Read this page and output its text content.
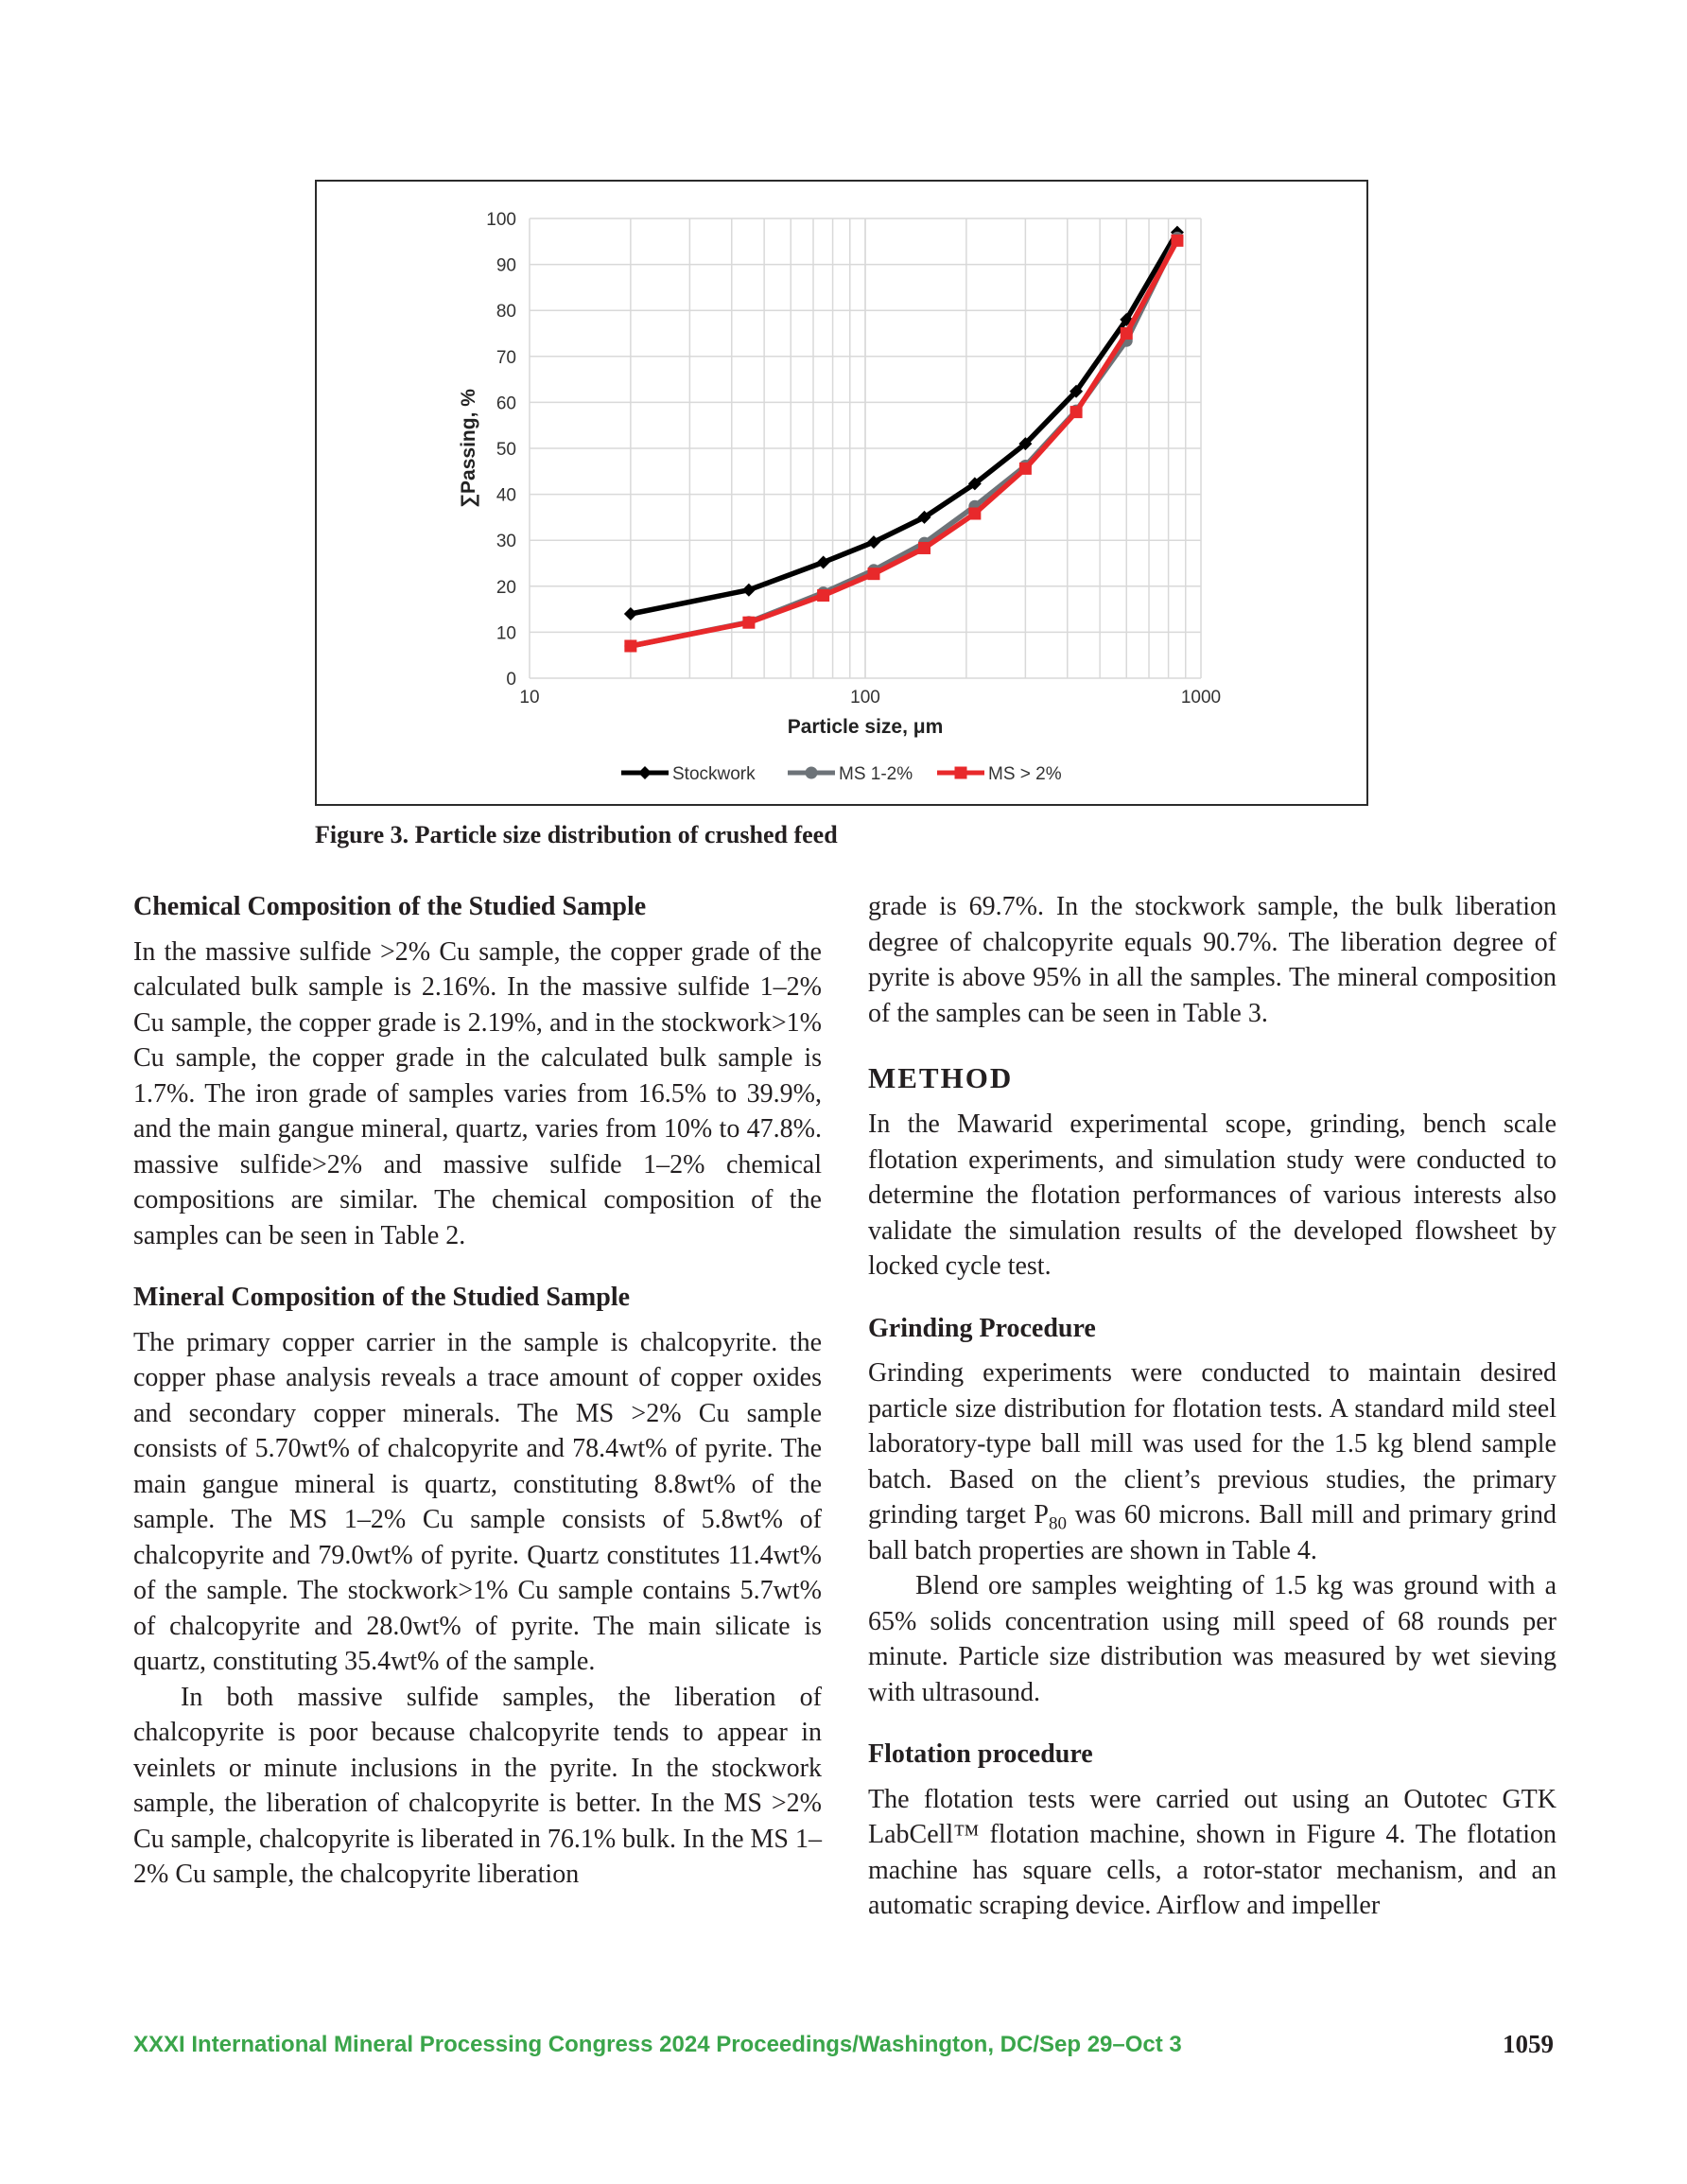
0
10
20
30
40
50
60
70
80
90
100
10	100	1000
Particle size, μm
∑Passing, %
Stockwork	MS 1-2%	MS > 2%
Figure 3. Particle size distribution of crushed feed
Chemical Composition of the Studied Sample

In the massive sulfide >2% Cu sample, the copper grade of the calculated bulk sample is 2.16%. In the massive sulfide 1–2% Cu sample, the copper grade is 2.19%, and in the stockwork>1% Cu sample, the copper grade in the calculated bulk sample is 1.7%. The iron grade of samples varies from 16.5% to 39.9%, and the main gangue mineral, quartz, varies from 10% to 47.8%. massive sulfide>2% and massive sulfide 1–2% chemical compositions are similar. The chemical composition of the samples can be seen in Table 2.

Mineral Composition of the Studied Sample

The primary copper carrier in the sample is chalcopyrite. the copper phase analysis reveals a trace amount of copper oxides and secondary copper minerals. The MS >2% Cu sample consists of 5.70wt% of chalcopyrite and 78.4wt% of pyrite. The main gangue mineral is quartz, constituting 8.8wt% of the sample. The MS 1–2% Cu sample consists of 5.8wt% of chalcopyrite and 79.0wt% of pyrite. Quartz constitutes 11.4wt% of the sample. The stockwork>1% Cu sample contains 5.7wt% of chalcopyrite and 28.0wt% of pyrite. The main silicate is quartz, constituting 35.4wt% of the sample.

In both massive sulfide samples, the liberation of chalcopyrite is poor because chalcopyrite tends to appear in veinlets or minute inclusions in the pyrite. In the stockwork sample, the liberation of chalcopyrite is better. In the MS >2% Cu sample, chalcopyrite is liberated in 76.1% bulk. In the MS 1–2% Cu sample, the chalcopyrite liberation

grade is 69.7%. In the stockwork sample, the bulk liberation degree of chalcopyrite equals 90.7%. The liberation degree of pyrite is above 95% in all the samples. The mineral composition of the samples can be seen in Table 3.

METHOD

In the Mawarid experimental scope, grinding, bench scale flotation experiments, and simulation study were conducted to determine the flotation performances of various interests also validate the simulation results of the developed flowsheet by locked cycle test.

Grinding Procedure

Grinding experiments were conducted to maintain desired particle size distribution for flotation tests. A standard mild steel laboratory-type ball mill was used for the 1.5 kg blend sample batch. Based on the client’s previous studies, the primary grinding target $P_{80}$ was 60 microns. Ball mill and primary grind ball batch properties are shown in Table 4.

Blend ore samples weighting of 1.5 kg was ground with a 65% solids concentration using mill speed of 68 rounds per minute. Particle size distribution was measured by wet sieving with ultrasound.

Flotation procedure

The flotation tests were carried out using an Outotec GTK LabCell™ flotation machine, shown in Figure 4. The flotation machine has square cells, a rotor-stator mechanism, and an automatic scraping device. Airflow and impeller

XXXI International Mineral Processing Congress 2024 Proceedings/Washington, DC/Sep 29–Oct 3	1059
